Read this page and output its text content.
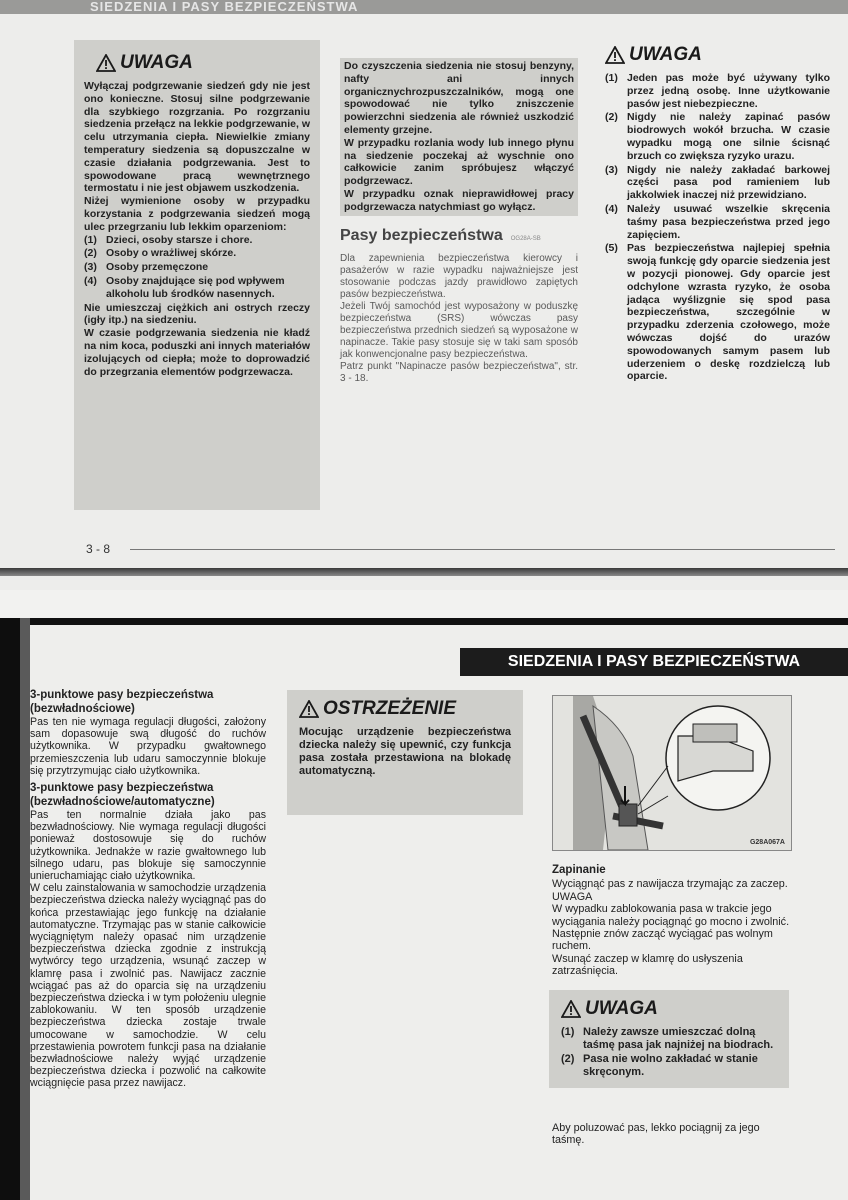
SIEDZENIA I PASY BEZPIECZEŃSTWA
UWAGA

Wyłączaj podgrzewanie siedzeń gdy nie jest ono konieczne. Stosuj silne podgrzewanie dla szybkiego rozgrzania. Po rozgrzaniu siedzenia przełącz na lekkie podgrzewanie, w celu utrzymania ciepła. Niewielkie zmiany temperatury siedzenia są dopuszczalne w czasie działania podgrzewania. Jest to spowodowane pracą wewnętrznego termostatu i nie jest objawem uszkodzenia.

Niżej wymienione osoby w przypadku korzystania z podgrzewania siedzeń mogą ulec przegrzaniu lub lekkim oparzeniom:

(1) Dzieci, osoby starsze i chore.
(2) Osoby o wrażliwej skórze.
(3) Osoby przemęczone
(4) Osoby znajdujące się pod wpływem alkoholu lub środków nasennych.

Nie umieszczaj ciężkich ani ostrych rzeczy (igły itp.) na siedzeniu.

W czasie podgrzewania siedzenia nie kładź na nim koca, poduszki ani innych materiałów izolujących od ciepła; może to doprowadzić do przegrzania elementów podgrzewacza.

Do czyszczenia siedzenia nie stosuj benzyny, nafty ani innych organicznychrozpuszczalników, mogą one spowodować nie tylko zniszczenie powierzchni siedzenia ale również uszkodzić elementy grzejne.

W przypadku rozlania wody lub innego płynu na siedzenie poczekaj aż wyschnie ono całkowicie zanim spróbujesz włączyć podgrzewacz.

W przypadku oznak nieprawidłowej pracy podgrzewacza natychmiast go wyłącz.

Pasy bezpieczeństwa OG28A-SB

Dla zapewnienia bezpieczeństwa kierowcy i pasażerów w razie wypadku najważniejsze jest stosowanie podczas jazdy prawidłowo zapiętych pasów bezpieczeństwa.

Jeżeli Twój samochód jest wyposażony w poduszkę bezpieczeństwa (SRS) wówczas pasy bezpieczeństwa przednich siedzeń są wyposażone w napinacze. Takie pasy stosuje się w taki sam sposób jak konwencjonalne pasy bezpieczeństwa.

Patrz punkt "Napinacze pasów bezpieczeństwa", str. 3 - 18.

UWAGA
(1) Jeden pas może być używany tylko przez jedną osobę. Inne użytkowanie pasów jest niebezpieczne.
(2) Nigdy nie należy zapinać pasów biodrowych wokół brzucha. W czasie wypadku mogą one silnie ścisnąć brzuch co zwiększa ryzyko urazu.
(3) Nigdy nie należy zakładać barkowej części pasa pod ramieniem lub jakkolwiek inaczej niż przewidziano.
(4) Należy usuwać wszelkie skręcenia taśmy pasa bezpieczeństwa przed jego zapięciem.
(5) Pas bezpieczeństwa najlepiej spełnia swoją funkcję gdy oparcie siedzenia jest w pozycji pionowej. Gdy oparcie jest odchylone wzrasta ryzyko, że osoba jadąca wyślizgnie się spod pasa bezpieczeństwa, szczególnie w przypadku zderzenia czołowego, może wówczas dojść do urazów spowodowanych samym pasem lub uderzeniem o deskę rozdzielczą lub oparcie.
3 - 8
SIEDZENIA I PASY BEZPIECZEŃSTWA

3-punktowe pasy bezpieczeństwa (bezwładnościowe)

Pas ten nie wymaga regulacji długości, założony sam dopasowuje swą długość do ruchów użytkownika. W przypadku gwałtownego przemieszczenia lub udaru samoczynnie blokuje się przytrzymując ciało użytkownika.

3-punktowe pasy bezpieczeństwa (bezwładnościowe/automatyczne)

Pas ten normalnie działa jako pas bezwładnościowy. Nie wymaga regulacji długości ponieważ dostosowuje się do ruchów użytkownika. Jednakże w razie gwałtownego lub silnego udaru, pas blokuje się samoczynnie unieruchamiając ciało użytkownika.

W celu zainstalowania w samochodzie urządzenia bezpieczeństwa dziecka należy wyciągnąć pas do końca przestawiając jego funkcję na działanie automatyczne. Trzymając pas w stanie całkowicie wyciągniętym należy opasać nim urządzenie bezpieczeństwa dziecka zgodnie z instrukcją wytwórcy tego urządzenia, wsunąć zaczep w klamrę pasa i zwolnić pas. Nawijacz zacznie wciągać pas aż do oparcia się na urządzeniu bezpieczeństwa dziecka i w tym położeniu ulegnie zablokowaniu. W ten sposób urządzenie bezpieczeństwa dziecka zostaje trwale umocowane w samochodzie. W celu przestawienia powrotem funkcji pasa na działanie bezwładnościowe należy wyjąć urządzenie bezpieczeństwa dziecka i pozwolić na całkowite wciągnięcie pasa przez nawijacz.

OSTRZEŻENIE

Mocując urządzenie bezpieczeństwa dziecka należy się upewnić, czy funkcja pasa została przestawiona na blokadę automatyczną.

G28A067A

Zapinanie

Wyciągnąć pas z nawijacza trzymając za zaczep.

UWAGA

W wypadku zablokowania pasa w trakcie jego wyciągania należy pociągnąć go mocno i zwolnić. Następnie znów zacząć wyciągać pas wolnym ruchem.

Wsunąć zaczep w klamrę do usłyszenia zatrzaśnięcia.

UWAGA
(1) Należy zawsze umieszczać dolną taśmę pasa jak najniżej na biodrach.
(2) Pasa nie wolno zakładać w stanie skręconym.
Aby poluzować pas, lekko pociągnij za jego taśmę.
